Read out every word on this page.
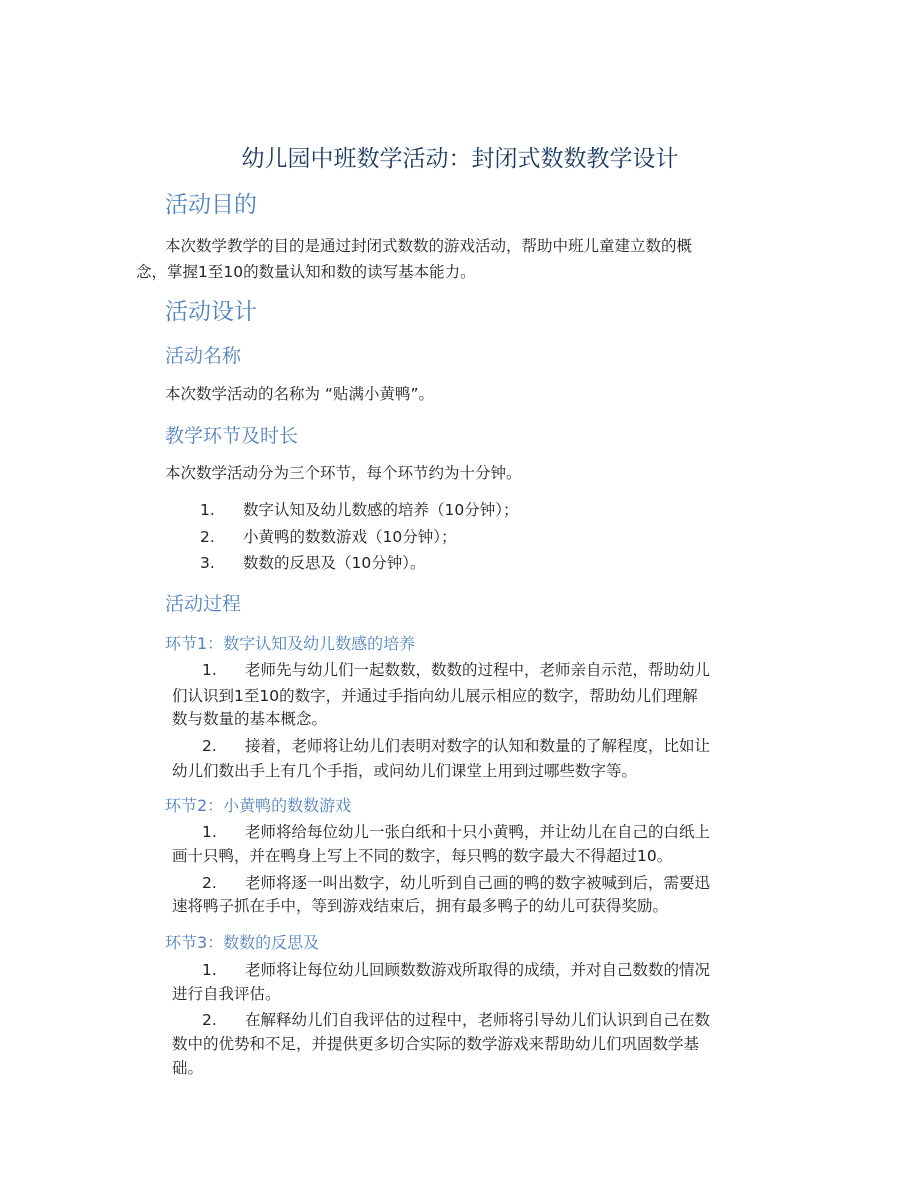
幼儿园中班数学活动：封闭式数数教学设计
活动目的
本次数学教学的目的是通过封闭式数数的游戏活动，帮助中班儿童建立数的概
念，掌握1至10的数量认知和数的读写基本能力。
活动设计
活动名称
本次数学活动的名称为 “贴满小黄鸭”。
教学环节及时长
本次数学活动分为三个环节，每个环节约为十分钟。
1. 数字认知及幼儿数感的培养（10分钟）；
2. 小黄鸭的数数游戏（10分钟）；
3. 数数的反思及（10分钟）。
活动过程
环节1：数字认知及幼儿数感的培养
1. 老师先与幼儿们一起数数，数数的过程中，老师亲自示范，帮助幼儿
们认识到1至10的数字，并通过手指向幼儿展示相应的数字，帮助幼儿们理解
数与数量的基本概念。
2. 接着，老师将让幼儿们表明对数字的认知和数量的了解程度，比如让
幼儿们数出手上有几个手指，或问幼儿们课堂上用到过哪些数字等。
环节2：小黄鸭的数数游戏
1. 老师将给每位幼儿一张白纸和十只小黄鸭，并让幼儿在自己的白纸上
画十只鸭，并在鸭身上写上不同的数字，每只鸭的数字最大不得超过10。
2. 老师将逐一叫出数字，幼儿听到自己画的鸭的数字被喊到后，需要迅
速将鸭子抓在手中，等到游戏结束后，拥有最多鸭子的幼儿可获得奖励。
环节3：数数的反思及
1. 老师将让每位幼儿回顾数数游戏所取得的成绩，并对自己数数的情况
进行自我评估。
2. 在解释幼儿们自我评估的过程中，老师将引导幼儿们认识到自己在数
数中的优势和不足，并提供更多切合实际的数学游戏来帮助幼儿们巩固数学基
础。
